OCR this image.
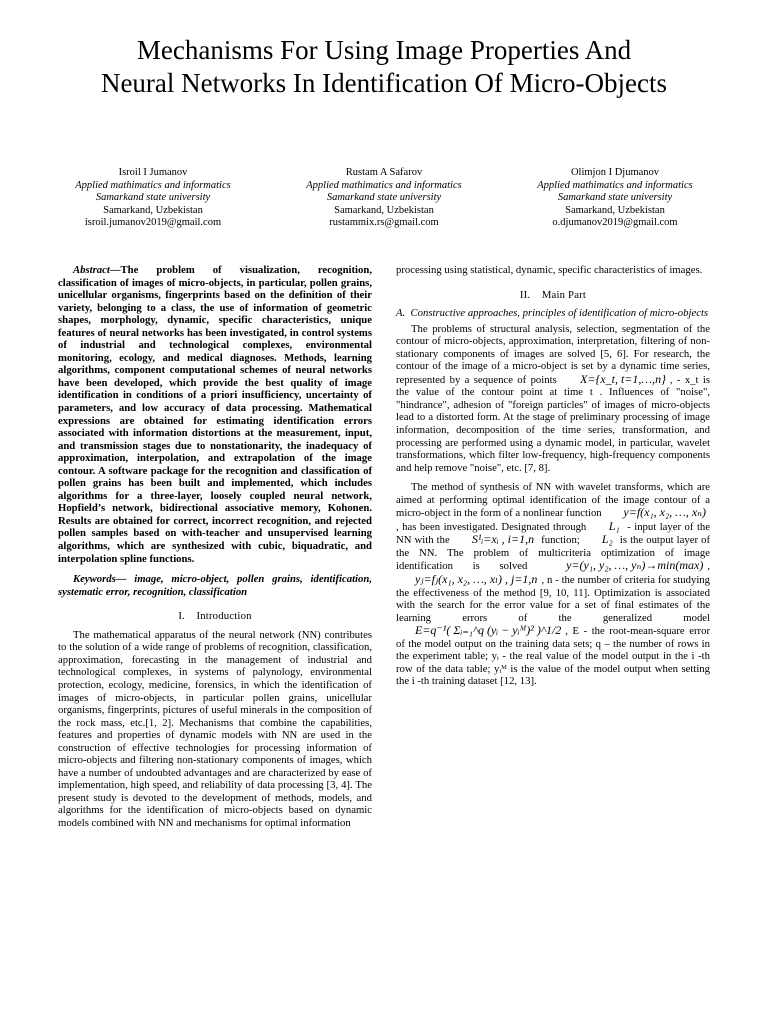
Mechanisms For Using Image Properties And
Neural Networks In Identification Of Micro-Objects
Isroil I Jumanov
Applied mathimatics and informatics
Samarkand state university
Samarkand, Uzbekistan
isroil.jumanov2019@gmail.com
Rustam A Safarov
Applied mathimatics and informatics
Samarkand state university
Samarkand, Uzbekistan
rustammix.rs@gmail.com
Olimjon I Djumanov
Applied mathimatics and informatics
Samarkand state university
Samarkand, Uzbekistan
o.djumanov2019@gmail.com

Abstract—The problem of visualization, recognition, classification of images of micro-objects, in particular, pollen grains, unicellular organisms, fingerprints based on the definition of their variety, belonging to a class, the use of information of geometric shapes, morphology, dynamic, specific characteristics, unique features of neural networks has been investigated, in control systems of industrial and technological complexes, environmental monitoring, ecology, and medical diagnoses. Methods, learning algorithms, component computational schemes of neural networks have been developed, which provide the best quality of image identification in conditions of a priori insufficiency, uncertainty of parameters, and low accuracy of data processing. Mathematical expressions are obtained for estimating identification errors associated with information distortions at the measurement, input, and transmission stages due to nonstationarity, the inadequacy of approximation, interpolation, and extrapolation of the image contour. A software package for the recognition and classification of pollen grains has been built and implemented, which includes algorithms for a three-layer, loosely coupled neural network, Hopfield’s network, bidirectional associative memory, Kohonen. Results are obtained for correct, incorrect recognition, and rejected pollen samples based on with-teacher and unsupervised learning algorithms, which are synthesized with cubic, biquadratic, and interpolation spline functions.

Keywords— image, micro-object, pollen grains, identification, systematic error, recognition, classification

I. Introduction

The mathematical apparatus of the neural network (NN) contributes to the solution of a wide range of problems of recognition, classification, approximation, forecasting in the management of industrial and technological complexes, in systems of palynology, environmental protection, ecology, medicine, forensics, in which the identification of images of micro-objects, in particular pollen grains, unicellular organisms, fingerprints, pictures of useful minerals in the composition of the rock mass, etc.[1, 2]. Mechanisms that combine the capabilities, features and properties of dynamic models with NN are used in the construction of effective technologies for processing information of micro-objects and filtering non-stationary components of images, which have a number of undoubted advantages and are characterized by ease of implementation, high speed, and reliability of data processing [3, 4]. The present study is devoted to the development of methods, models, and algorithms for the identification of micro-objects based on dynamic models combined with NN and mechanisms for optimal information

processing using statistical, dynamic, specific characteristics of images.

II. Main Part
A. Constructive approaches, principles of identification of micro-objects

The problems of structural analysis, selection, segmentation of the contour of micro-objects, approximation, interpretation, filtering of non-stationary components of images are solved [5, 6]. For research, the contour of the image of a micro-object is set by a dynamic time series, represented by a sequence of points X={x_t, t=1,…,n} , - x_t is the value of the contour point at time t . Influences of "noise", "hindrance", adhesion of "foreign particles" of images of micro-objects lead to a distorted form. At the stage of preliminary processing of image information, decomposition of the time series, transformation, and processing are performed using a dynamic model, in particular, wavelet transformations, which filter low-frequency, high-frequency components and help remove "noise", etc. [7, 8].

The method of synthesis of NN with wavelet transforms, which are aimed at performing optimal identification of the image contour of a micro-object in the form of a nonlinear function y=f(x₁, x₂, …, xₙ), has been investigated. Designated through L₁ - input layer of the NN with the S¹ᵢ=xᵢ , i=1,n function; L₂ is the output layer of the NN. The problem of multicriteria optimization of image identification is solved	y=(y₁, y₂, …, yₙ)→min(max) , yⱼ=fⱼ(x₁, x₂, …, xₗ) , j=1,n , n - the number of criteria for studying the effectiveness of the method [9, 10, 11]. Optimization is associated with the search for the error value for a set of final estimates of the learning errors of the	generalized model E=q⁻¹( Σᵢ₌₁^q (yᵢ − yᵢᴹ)² )^1/2 , E - the root-mean-square error of the model output on the training data sets; q – the number of rows in the experiment table; yᵢ - the real value of the model output in the i -th row of the data table; yᵢᴹ is the value of the model output when setting the i -th training dataset [12, 13].
